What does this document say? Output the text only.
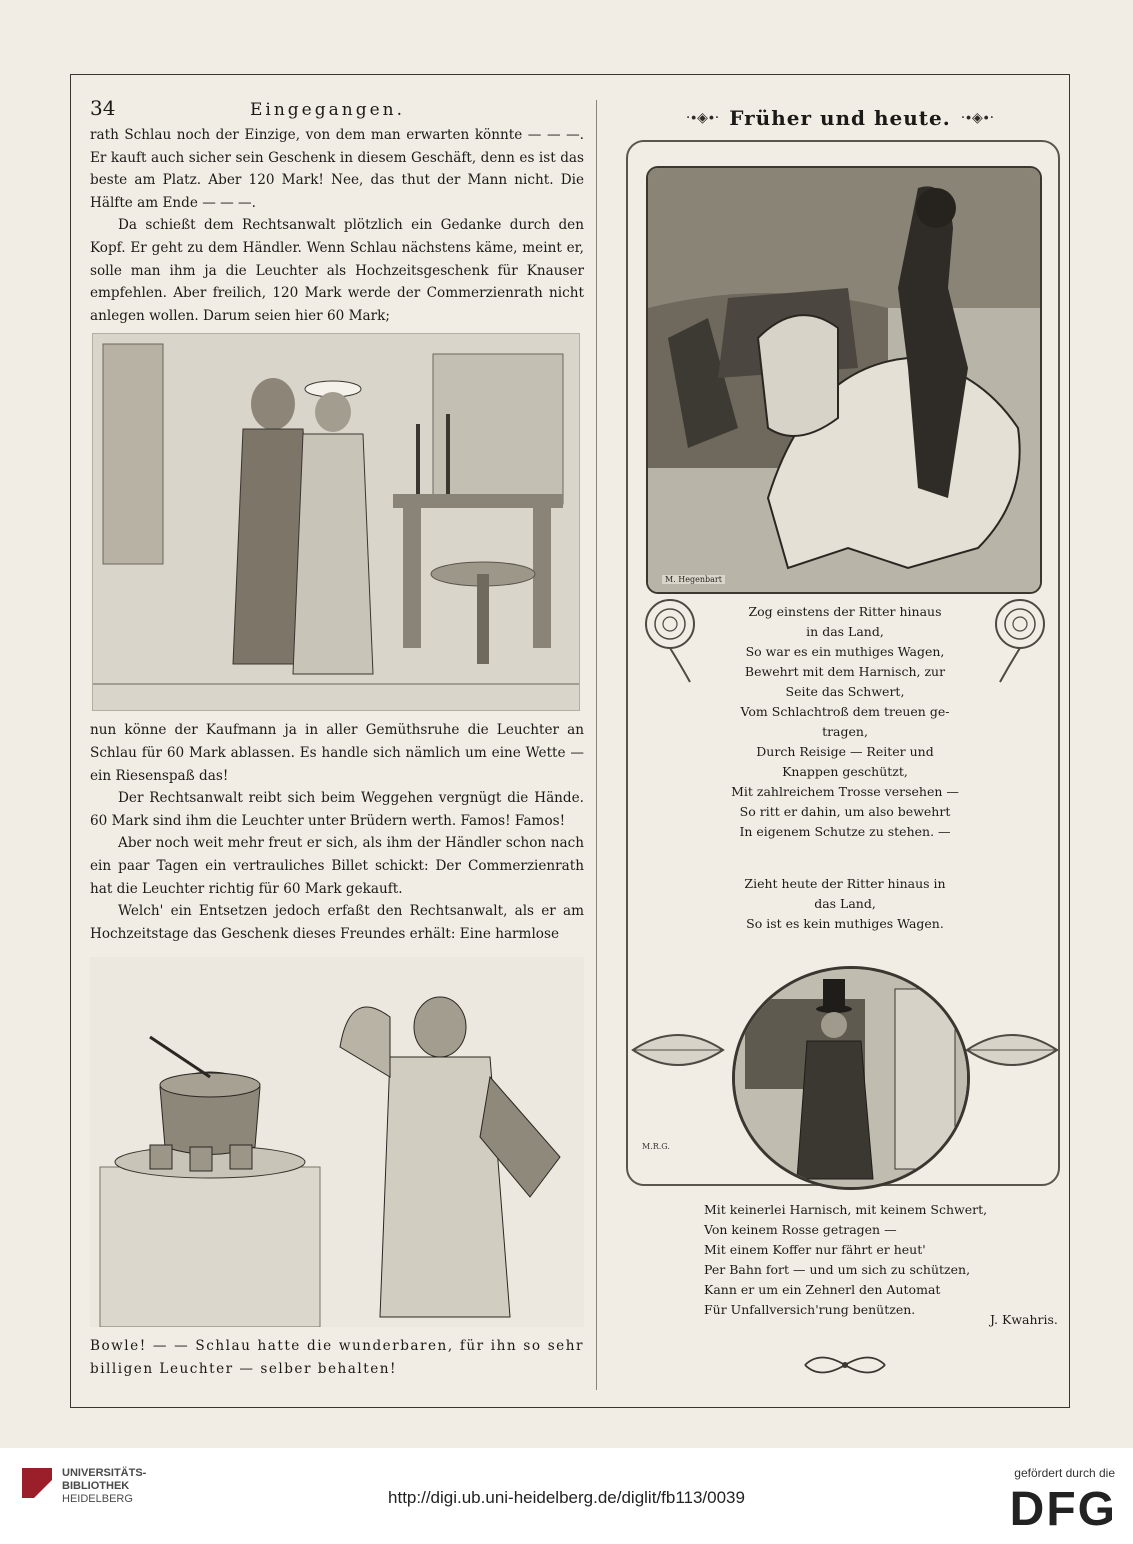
34	Eingegangen.

rath Schlau noch der Einzige, von dem man erwarten könnte — — —. Er kauft auch sicher sein Geschenk in diesem Geschäft, denn es ist das beste am Platz. Aber 120 Mark! Nee, das thut der Mann nicht. Die Hälfte am Ende — — —.

Da schießt dem Rechtsanwalt plötzlich ein Gedanke durch den Kopf. Er geht zu dem Händler. Wenn Schlau nächstens käme, meint er, solle man ihm ja die Leuchter als Hochzeitsgeschenk für Knauser empfehlen. Aber freilich, 120 Mark werde der Commerzienrath nicht anlegen wollen. Darum seien hier 60 Mark;

nun könne der Kaufmann ja in aller Gemüthsruhe die Leuchter an Schlau für 60 Mark ablassen. Es handle sich nämlich um eine Wette — ein Riesenspaß das!

Der Rechtsanwalt reibt sich beim Weggehen vergnügt die Hände. 60 Mark sind ihm die Leuchter unter Brüdern werth. Famos! Famos!

Aber noch weit mehr freut er sich, als ihm der Händler schon nach ein paar Tagen ein vertrauliches Billet schickt: Der Commerzienrath hat die Leuchter richtig für 60 Mark gekauft.

Welch' ein Entsetzen jedoch erfaßt den Rechtsanwalt, als er am Hochzeitstage das Geschenk dieses Freundes erhält: Eine harmlose

Bowle! — — Schlau hatte die wunderbaren, für ihn so sehr billigen Leuchter — selber behalten!

·∙◈∙· Früher und heute. ·∙◈∙·
M. Hegenbart
Zog einstens der Ritter hinaus
in das Land,
So war es ein muthiges Wagen,
Bewehrt mit dem Harnisch, zur
Seite das Schwert,
Vom Schlachtroß dem treuen ge-
tragen,
Durch Reisige — Reiter und
Knappen geschützt,
Mit zahlreichem Trosse versehen —
So ritt er dahin, um also bewehrt
In eigenem Schutze zu stehen. —
Zieht heute der Ritter hinaus in
das Land,
So ist es kein muthiges Wagen.
M.R.G.
Mit keinerlei Harnisch, mit keinem Schwert,
Von keinem Rosse getragen —
Mit einem Koffer nur fährt er heut'
Per Bahn fort — und um sich zu schützen,
Kann er um ein Zehnerl den Automat
Für Unfallversich'rung benützen.
J. Kwahris.
UNIVERSITÄTS-
BIBLIOTHEK
HEIDELBERG	http://digi.ub.uni-heidelberg.de/diglit/fb113/0039
gefördert durch die
DFG
